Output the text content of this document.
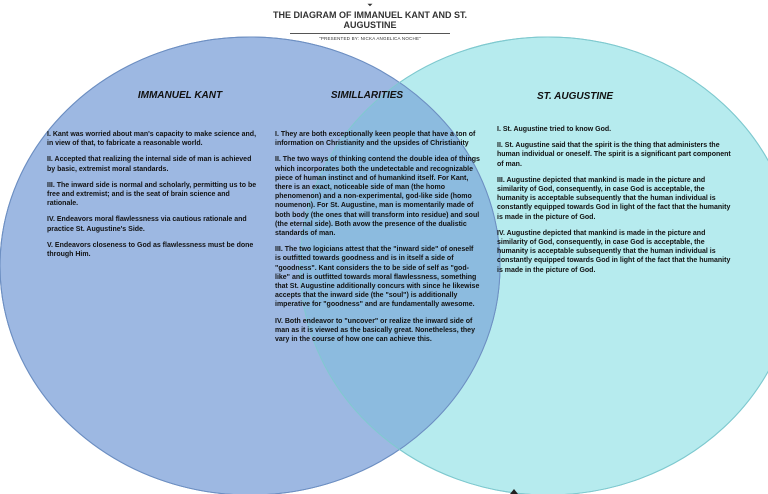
⏷
THE DIAGRAM OF IMMANUEL KANT AND ST. AUGUSTINE
"PRESENTED BY: NICKA ANGELICA NOCHE"
IMMANUEL KANT	SIMILLARITIES	ST. AUGUSTINE

I. Kant was worried about man's capacity to make science and, in view of that, to fabricate a reasonable world.

II. Accepted that realizing the internal side of man is achieved by basic, extremist moral standards.

III. The inward side is normal and scholarly, permitting us to be free and extremist; and is the seat of brain science and rationale.

IV. Endeavors moral flawlessness via cautious rationale and practice St. Augustine's Side.

V. Endeavors closeness to God as flawlessness must be done through Him.

I. They are both exceptionally keen people that have a ton of information on Christianity and the upsides of Christianity

II. The two ways of thinking contend the double idea of things which incorporates both the undetectable and recognizable piece of human instinct and of humankind itself. For Kant, there is an exact, noticeable side of man (the homo phenomenon) and a non-experimental, god-like side (homo noumenon). For St. Augustine, man is momentarily made of both body (the ones that will transform into residue) and soul (the eternal side). Both avow the presence of the dualistic standards of man.

III. The two logicians attest that the "inward side" of oneself is outfitted towards goodness and is in itself a side of "goodness". Kant considers the to be side of self as "god-like" and is outfitted towards moral flawlessness, something that St. Augustine additionally concurs with since he likewise accepts that the inward side (the "soul") is additionally imperative for "goodness" and are fundamentally awesome.

IV. Both endeavor to "uncover" or realize the inward side of man as it is viewed as the basically great. Nonetheless, they vary in the course of how one can achieve this.

I. St. Augustine tried to know God.

II. St. Augustine said that the spirit is the thing that administers the human individual or oneself. The spirit is a significant part component of man.

III. Augustine depicted that mankind is made in the picture and similarity of God, consequently, in case God is acceptable, the humanity is acceptable subsequently that the human individual is constantly equipped towards God in light of the fact that the humanity is made in the picture of God.

IV. Augustine depicted that mankind is made in the picture and similarity of God, consequently, in case God is acceptable, the humanity is acceptable subsequently that the human individual is constantly equipped towards God in light of the fact that the humanity is made in the picture of God.
